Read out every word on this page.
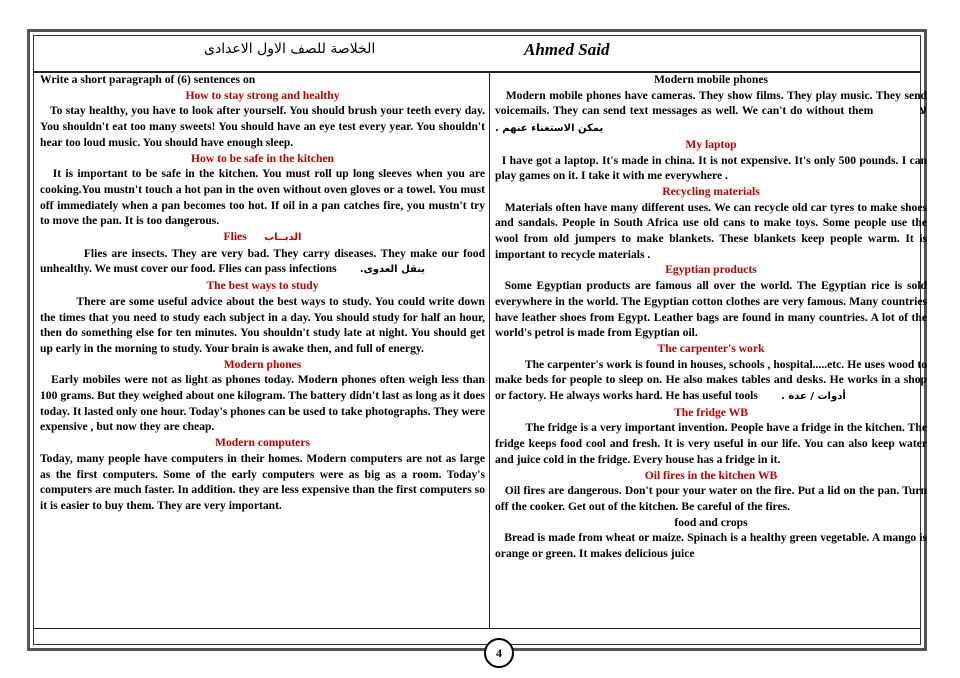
الخلاصة للصف الاول الاعدادى	Ahmed Said

Write a short paragraph of (6) sentences on

How to stay strong and healthy

To stay healthy, you have to look after yourself. You should brush your teeth every day. You shouldn't eat too many sweets! You should have an eye test every year. You shouldn't hear too loud music. You should have enough sleep.

How to be safe in the kitchen

It is important to be safe in the kitchen. You must roll up long sleeves when you are cooking.You mustn't touch a hot pan in the oven without oven gloves or a towel. You must off immediately when a pan becomes too hot. If oil in a pan catches fire, you mustn't try to move the pan. It is too dangerous.

Flies الذبــاب

Flies are insects. They are very bad. They carry diseases. They make our food unhealthy. We must cover our food. Flies can pass infections ينقل العدوى.

The best ways to study

There are some useful advice about the best ways to study. You could write down the times that you need to study each subject in a day. You should study for half an hour, then do something else for ten minutes. You shouldn't study late at night. You should get up early in the morning to study. Your brain is awake then, and full of energy.

Modern phones

Early mobiles were not as light as phones today. Modern phones often weigh less than 100 grams. But they weighed about one kilogram. The battery didn't last as long as it does today. It lasted only one hour. Today's phones can be used to take photographs. They were expensive , but now they are cheap.

Modern computers

Today, many people have computers in their homes. Modern computers are not as large as the first computers. Some of the early computers were as big as a room. Today's computers are much faster. In addition. they are less expensive than the first computers so it is easier to buy them. They are very important.

Modern mobile phones

Modern mobile phones have cameras. They show films. They play music. They send voicemails. They can send text messages as well. We can't do without them	لا يمكن الاستغناء عنهم .

My laptop

I have got a laptop. It's made in china. It is not expensive. It's only 500 pounds. I can play games on it. I take it with me everywhere .

Recycling materials

Materials often have many different uses. We can recycle old car tyres to make shoes and sandals. People in South Africa use old cans to make toys. Some people use the wool from old jumpers to make blankets. These blankets keep people warm. It is important to recycle materials .

Egyptian products

Some Egyptian products are famous all over the world. The Egyptian rice is sold everywhere in the world. The Egyptian cotton clothes are very famous. Many countries have leather shoes from Egypt. Leather bags are found in many countries. A lot of the world's petrol is made from Egyptian oil.

The carpenter's work

The carpenter's work is found in houses, schools , hospital.....etc. He uses wood to make beds for people to sleep on. He also makes tables and desks. He works in a shop or factory. He always works hard. He has useful tools أدوات / عدة .

The fridge WB

The fridge is a very important invention. People have a fridge in the kitchen. The fridge keeps food cool and fresh. It is very useful in our life. You can also keep water and juice cold in the fridge. Every house has a fridge in it.

Oil fires in the kitchen WB

Oil fires are dangerous. Don't pour your water on the fire. Put a lid on the pan. Turn off the cooker. Get out of the kitchen. Be careful of the fires.

food and crops

Bread is made from wheat or maize. Spinach is a healthy green vegetable. A mango is orange or green. It makes delicious juice

4
